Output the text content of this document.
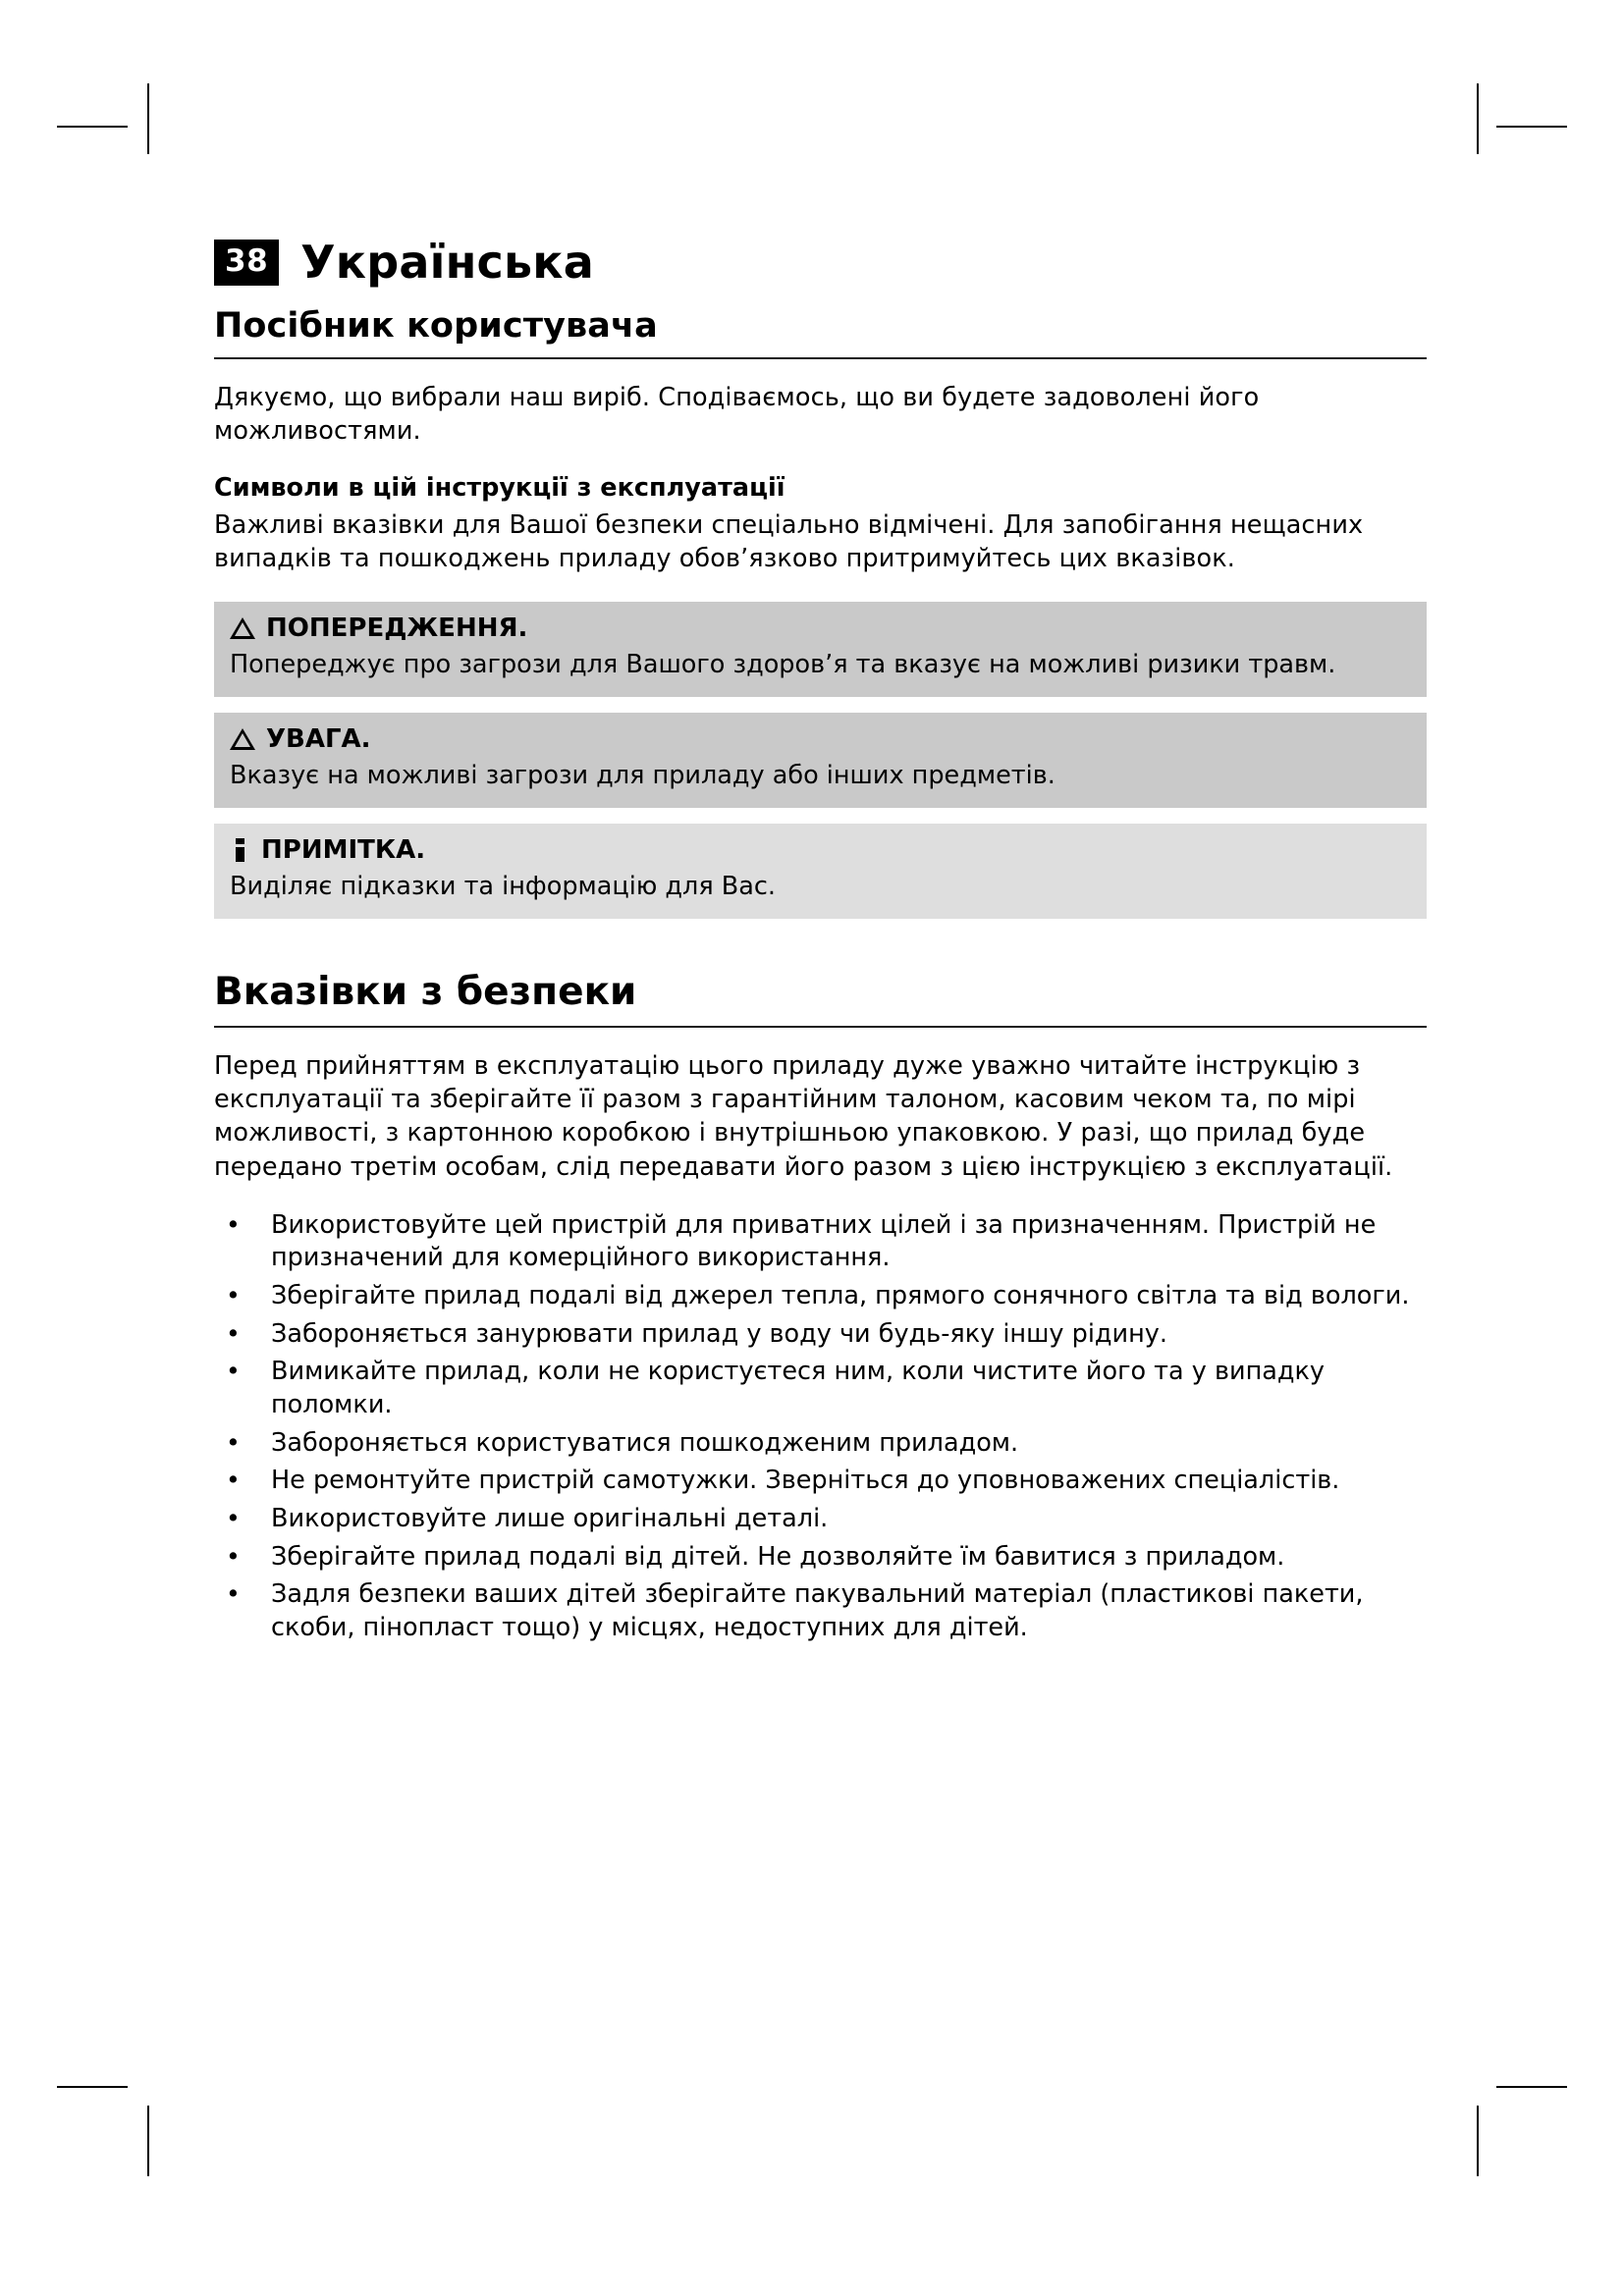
38 Українська
Посібник користувача

Дякуємо, що вибрали наш виріб. Сподіваємось, що ви будете задоволені його можливостями.

Символи в цій інструкції з експлуатації

Важливі вказівки для Вашої безпеки спеціально відмічені. Для запобігання нещасних випадків та пошкоджень приладу обов’язково притримуйтесь цих вказівок.

ПОПЕРЕДЖЕННЯ.
Попереджує про загрози для Вашого здоров’я та вказує на можливі ризики травм.
УВАГА.
Вказує на можливі загрози для приладу або інших предметів.
ПРИМІТКА.
Виділяє підказки та інформацію для Вас.
Вказівки з безпеки

Перед прийняттям в експлуатацію цього приладу дуже уважно читайте інструкцію з експлуатації та зберігайте її разом з гарантійним талоном, касовим чеком та, по мірі можливості, з картонною коробкою і внутрішньою упаковкою. У разі, що прилад буде передано третім особам, слід передавати його разом з цією інструкцією з експлуатації.

• Використовуйте цей пристрій для приватних цілей і за призначенням. Пристрій не призначений для комерційного використання.
• Зберігайте прилад подалі від джерел тепла, прямого сонячного світла та від вологи.
• Забороняється занурювати прилад у воду чи будь-яку іншу рідину.
• Вимикайте прилад, коли не користуєтеся ним, коли чистите його та у випадку поломки.
• Забороняється користуватися пошкодженим приладом.
• Не ремонтуйте пристрій самотужки. Зверніться до уповноважених спеціалістів.
• Використовуйте лише оригінальні деталі.
• Зберігайте прилад подалі від дітей. Не дозволяйте їм бавитися з приладом.
• Задля безпеки ваших дітей зберігайте пакувальний матеріал (пластикові пакети, скоби, пінопласт тощо) у місцях, недоступних для дітей.
